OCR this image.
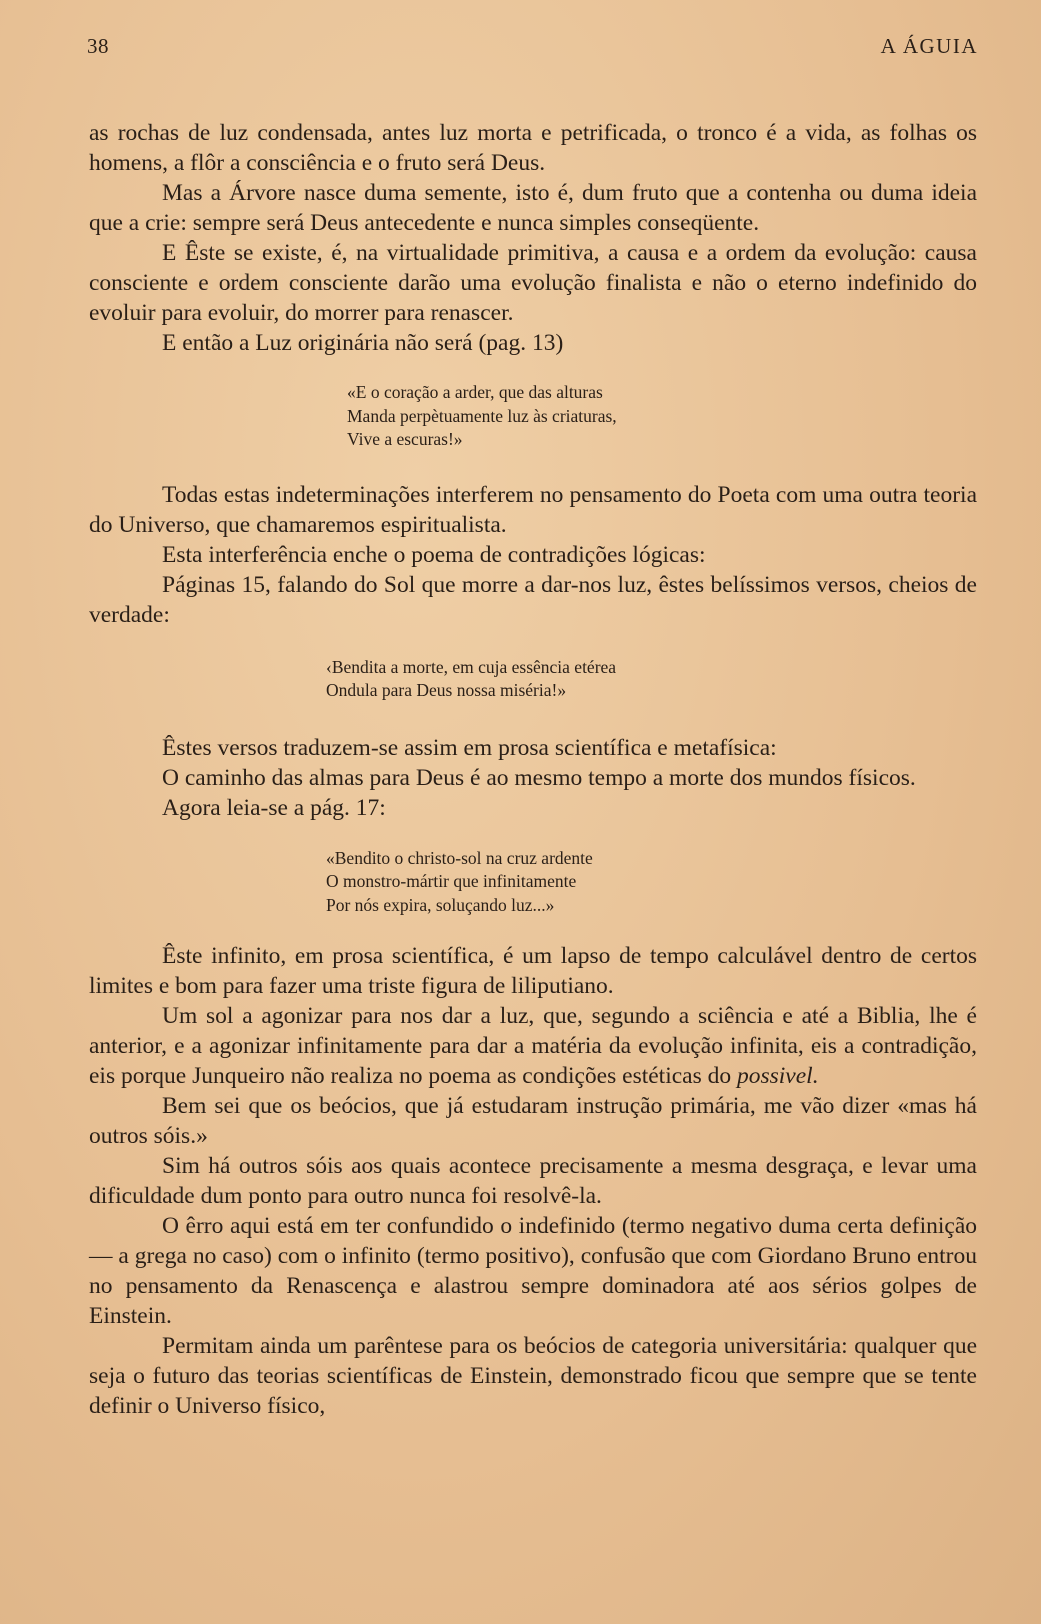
38	A ÁGUIA

as rochas de luz condensada, antes luz morta e petrificada, o tronco é a vida, as folhas os homens, a flôr a consciência e o fruto será Deus.

Mas a Árvore nasce duma semente, isto é, dum fruto que a contenha ou duma ideia que a crie: sempre será Deus antecedente e nunca simples conseqüente.

E Êste se existe, é, na virtualidade primitiva, a causa e a ordem da evolução: causa consciente e ordem consciente darão uma evolução finalista e não o eterno indefinido do evoluir para evoluir, do morrer para renascer.

E então a Luz originária não será (pag. 13)

«E o coração a arder, que das alturas
Manda perpètuamente luz às criaturas,
Vive a escuras!»

Todas estas indeterminações interferem no pensamento do Poeta com uma outra teoria do Universo, que chamaremos espiritualista.

Esta interferência enche o poema de contradições lógicas:

Páginas 15, falando do Sol que morre a dar-nos luz, êstes belíssimos versos, cheios de verdade:

‹Bendita a morte, em cuja essência etérea
Ondula para Deus nossa miséria!»

Êstes versos traduzem-se assim em prosa scientífica e metafísica:

O caminho das almas para Deus é ao mesmo tempo a morte dos mundos físicos.

Agora leia-se a pág. 17:

«Bendito o christo-sol na cruz ardente
O monstro-mártir que infinitamente
Por nós expira, soluçando luz...»

Êste infinito, em prosa scientífica, é um lapso de tempo calculável dentro de certos limites e bom para fazer uma triste figura de liliputiano.

Um sol a agonizar para nos dar a luz, que, segundo a sciência e até a Biblia, lhe é anterior, e a agonizar infinitamente para dar a matéria da evolução infinita, eis a contradição, eis porque Junqueiro não realiza no poema as condições estéticas do possivel.

Bem sei que os beócios, que já estudaram instrução primária, me vão dizer «mas há outros sóis.»

Sim há outros sóis aos quais acontece precisamente a mesma desgraça, e levar uma dificuldade dum ponto para outro nunca foi resolvê-la.

O êrro aqui está em ter confundido o indefinido (termo negativo duma certa definição — a grega no caso) com o infinito (termo positivo), confusão que com Giordano Bruno entrou no pensamento da Renascença e alastrou sempre dominadora até aos sérios golpes de Einstein.

Permitam ainda um parêntese para os beócios de categoria universitária: qualquer que seja o futuro das teorias scientíficas de Einstein, demonstrado ficou que sempre que se tente definir o Universo físico,
